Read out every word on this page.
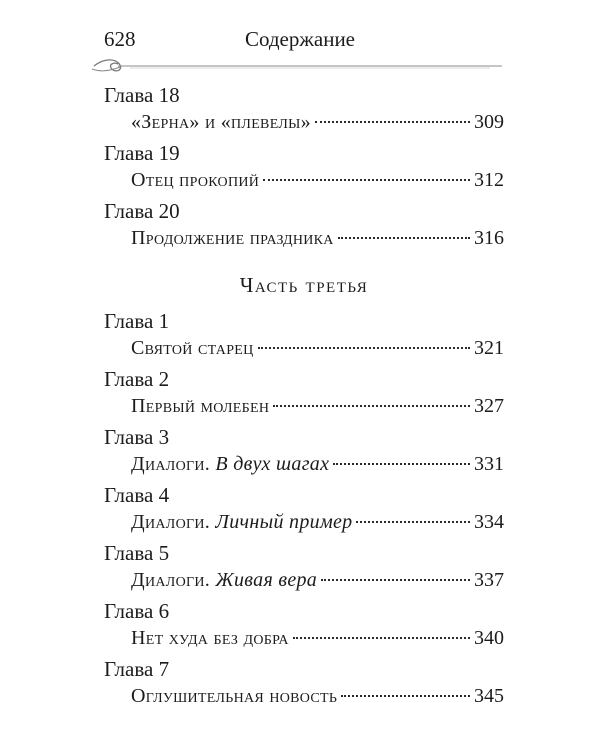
628	Содержание
Глава 18
«Зерна» и «плевелы»	309
Глава 19
Отец прокопий	312
Глава 20
Продолжение праздника	316
Часть третья
Глава 1
Святой старец	321
Глава 2
Первый молебен	327
Глава 3
Диалоги. В двух шагах	331
Глава 4
Диалоги. Личный пример	334
Глава 5
Диалоги. Живая вера	337
Глава 6
Нет худа без добра	340
Глава 7
Оглушительная новость	345
